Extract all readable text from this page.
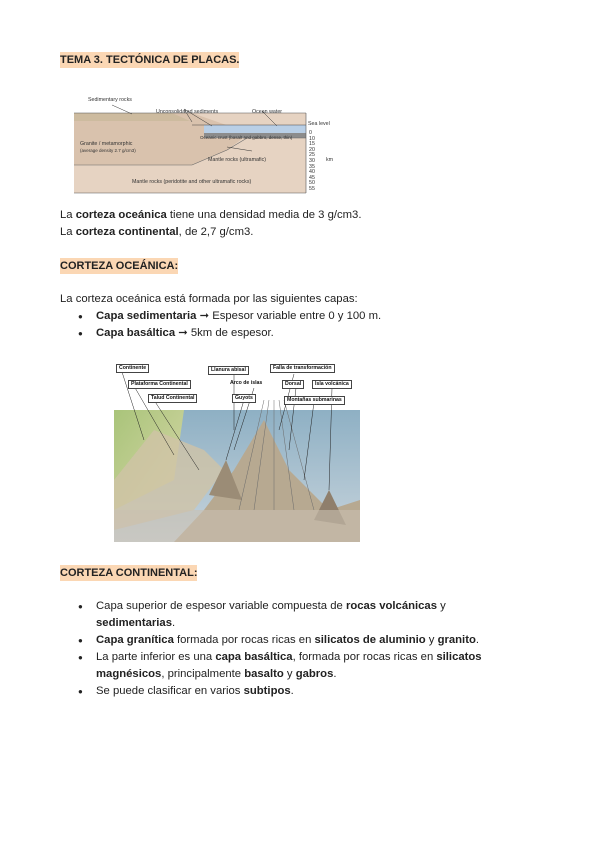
TEMA 3. TECTÓNICA DE PLACAS.
Sedimentary rocks
Unconsolidated sediments	Ocean water
Sea level
Oceanic crust (basalt and gabbro, dense, thin)
Granite / metamorphic
(average density 2.7 g/cm3)
Mantle rocks (ultramafic)
Mantle rocks (peridotite and other ultramafic rocks)
0
10
15
20
25
30
35
40
45
50
55
km
La corteza oceánica tiene una densidad media de 3 g/cm3.
La corteza continental, de 2,7 g/cm3.
CORTEZA OCEÁNICA:
La corteza oceánica está formada por las siguientes capas:
● Capa sedimentaria ➞ Espesor variable entre 0 y 100 m.
● Capa basáltica ➞ 5km de espesor.
Continente
Plataforma Continental
Talud Continental
Llanura abisal	Falla de transformación
Arco de islas	Dorsal	Isla volcánica
Guyots	Montañas submarinas
CORTEZA CONTINENTAL:
● Capa superior de espesor variable compuesta de rocas volcánicas y sedimentarias.
● Capa granítica formada por rocas ricas en silicatos de aluminio y granito.
● La parte inferior es una capa basáltica, formada por rocas ricas en silicatos magnésicos, principalmente basalto y gabros.
● Se puede clasificar en varios subtipos.
